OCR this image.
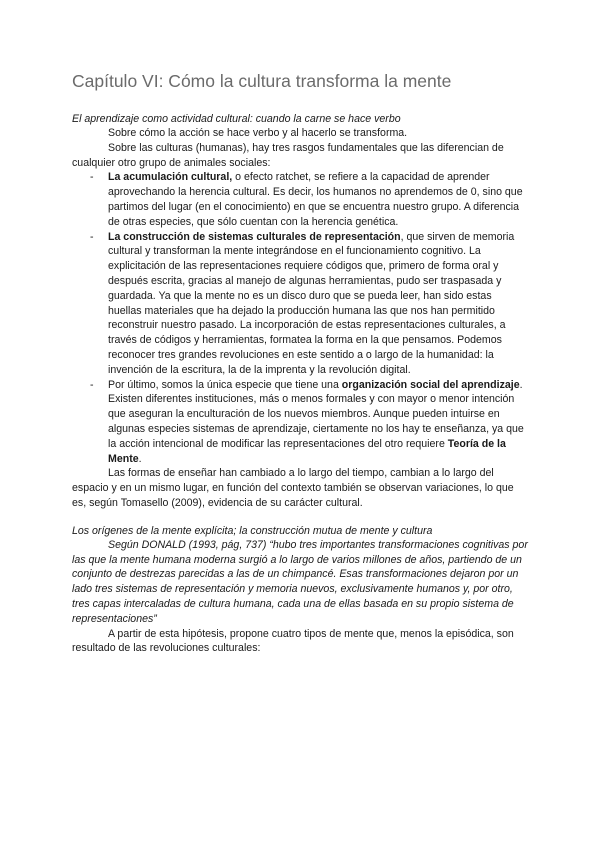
Capítulo VI: Cómo la cultura transforma la mente
El aprendizaje como actividad cultural: cuando la carne se hace verbo

Sobre cómo la acción se hace verbo y al hacerlo se transforma.

Sobre las culturas (humanas), hay tres rasgos fundamentales que las diferencian de cualquier otro grupo de animales sociales:

- La acumulación cultural, o efecto ratchet, se refiere a la capacidad de aprender aprovechando la herencia cultural. Es decir, los humanos no aprendemos de 0, sino que partimos del lugar (en el conocimiento) en que se encuentra nuestro grupo. A diferencia de otras especies, que sólo cuentan con la herencia genética.
- La construcción de sistemas culturales de representación, que sirven de memoria cultural y transforman la mente integrándose en el funcionamiento cognitivo. La explicitación de las representaciones requiere códigos que, primero de forma oral y después escrita, gracias al manejo de algunas herramientas, pudo ser traspasada y guardada. Ya que la mente no es un disco duro que se pueda leer, han sido estas huellas materiales que ha dejado la producción humana las que nos han permitido reconstruir nuestro pasado. La incorporación de estas representaciones culturales, a través de códigos y herramientas, formatea la forma en la que pensamos. Podemos reconocer tres grandes revoluciones en este sentido a o largo de la humanidad: la invención de la escritura, la de la imprenta y la revolución digital.
- Por último, somos la única especie que tiene una organización social del aprendizaje. Existen diferentes instituciones, más o menos formales y con mayor o menor intención que aseguran la enculturación de los nuevos miembros. Aunque pueden intuirse en algunas especies sistemas de aprendizaje, ciertamente no los hay te enseñanza, ya que la acción intencional de modificar las representaciones del otro requiere Teoría de la Mente.

Las formas de enseñar han cambiado a lo largo del tiempo, cambian a lo largo del espacio y en un mismo lugar, en función del contexto también se observan variaciones, lo que es, según Tomasello (2009), evidencia de su carácter cultural.

Los orígenes de la mente explícita; la construcción mutua de mente y cultura

Según DONALD (1993, pág, 737) “hubo tres importantes transformaciones cognitivas por las que la mente humana moderna surgió a lo largo de varios millones de años, partiendo de un conjunto de destrezas parecidas a las de un chimpancé. Esas transformaciones dejaron por un lado tres sistemas de representación y memoria nuevos, exclusivamente humanos y, por otro, tres capas intercaladas de cultura humana, cada una de ellas basada en su propio sistema de representaciones”

A partir de esta hipótesis, propone cuatro tipos de mente que, menos la episódica, son resultado de las revoluciones culturales:
